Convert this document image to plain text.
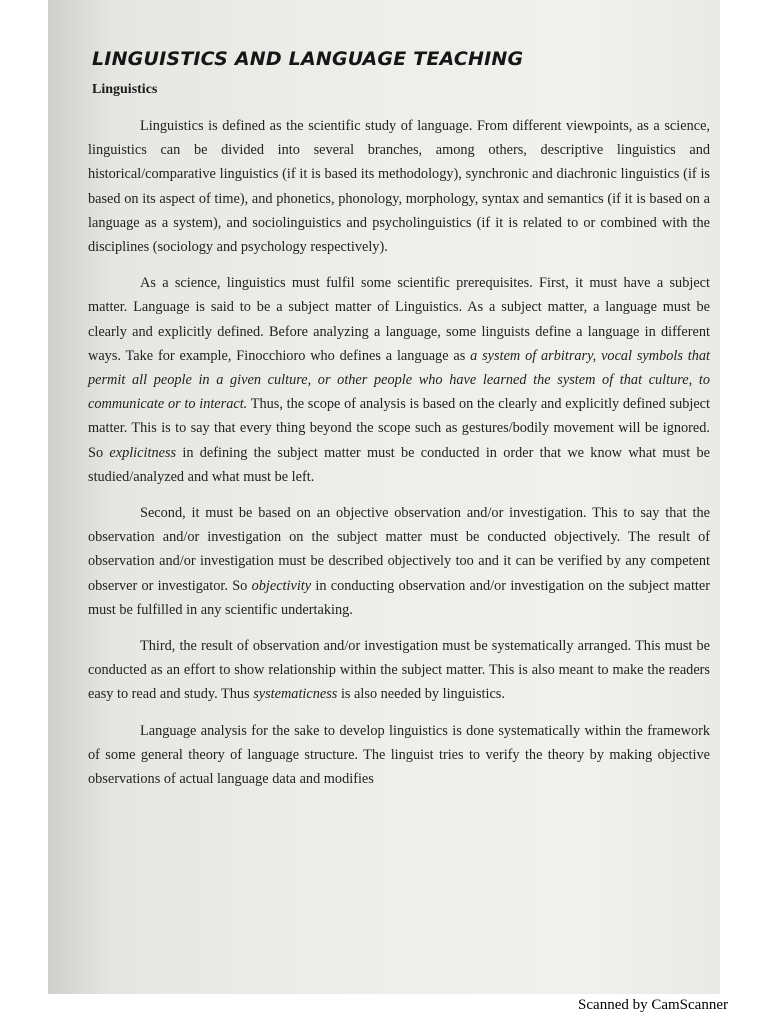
LINGUISTICS AND LANGUAGE TEACHING
Linguistics

Linguistics is defined as the scientific study of language. From different viewpoints, as a science, linguistics can be divided into several branches, among others, descriptive linguistics and historical/comparative linguistics (if it is based its methodology), synchronic and diachronic linguistics (if is based on its aspect of time), and phonetics, phonology, morphology, syntax and semantics (if it is based on a language as a system), and sociolinguistics and psycholinguistics (if it is related to or combined with the disciplines (sociology and psychology respectively).

As a science, linguistics must fulfil some scientific prerequisites. First, it must have a subject matter. Language is said to be a subject matter of Linguistics. As a subject matter, a language must be clearly and explicitly defined. Before analyzing a language, some linguists define a language in different ways. Take for example, Finocchioro who defines a language as a system of arbitrary, vocal symbols that permit all people in a given culture, or other people who have learned the system of that culture, to communicate or to interact. Thus, the scope of analysis is based on the clearly and explicitly defined subject matter. This is to say that every thing beyond the scope such as gestures/bodily movement will be ignored. So explicitness in defining the subject matter must be conducted in order that we know what must be studied/analyzed and what must be left.

Second, it must be based on an objective observation and/or investigation. This to say that the observation and/or investigation on the subject matter must be conducted objectively. The result of observation and/or investigation must be described objectively too and it can be verified by any competent observer or investigator. So objectivity in conducting observation and/or investigation on the subject matter must be fulfilled in any scientific undertaking.

Third, the result of observation and/or investigation must be systematically arranged. This must be conducted as an effort to show relationship within the subject matter. This is also meant to make the readers easy to read and study. Thus systematicness is also needed by linguistics.

Language analysis for the sake to develop linguistics is done systematically within the framework of some general theory of language structure. The linguist tries to verify the theory by making objective observations of actual language data and modifies

Scanned by CamScanner
